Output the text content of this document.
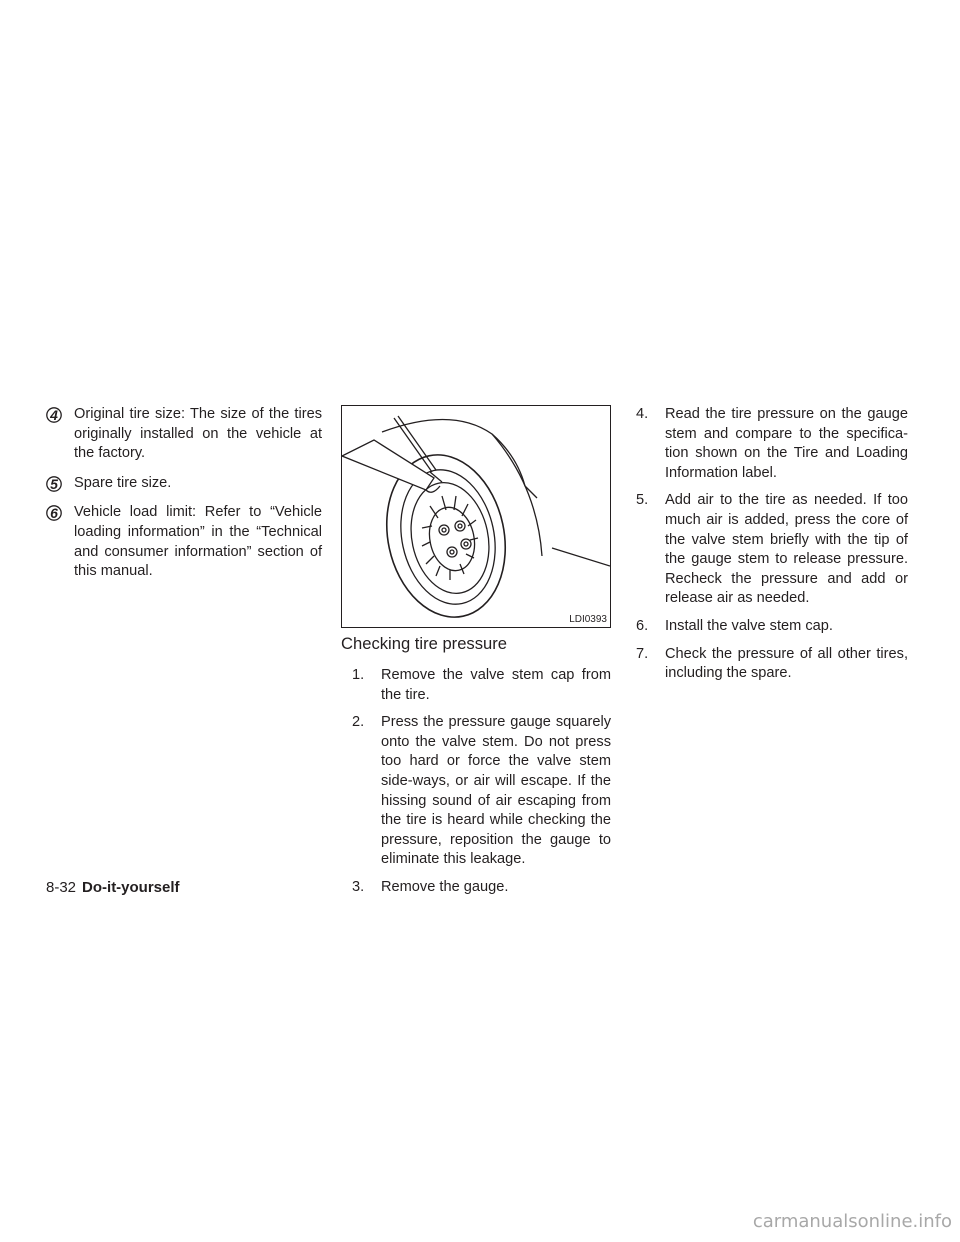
4 Original tire size: The size of the tires originally installed on the vehicle at the factory.
5 Spare tire size.
6 Vehicle load limit: Refer to “Vehicle loading information” in the “Technical and consumer information” section of this manual.
LDI0393
Checking tire pressure
1. Remove the valve stem cap from the tire.
2. Press the pressure gauge squarely onto the valve stem. Do not press too hard or force the valve stem side-ways, or air will escape. If the hissing sound of air escaping from the tire is heard while checking the pressure, reposition the gauge to eliminate this leakage.
3. Remove the gauge.
4. Read the tire pressure on the gauge stem and compare to the specifica-tion shown on the Tire and Loading Information label.
5. Add air to the tire as needed. If too much air is added, press the core of the valve stem briefly with the tip of the gauge stem to release pressure. Recheck the pressure and add or release air as needed.
6. Install the valve stem cap.
7. Check the pressure of all other tires, including the spare.
8-32 Do-it-yourself
carmanualsonline.info
